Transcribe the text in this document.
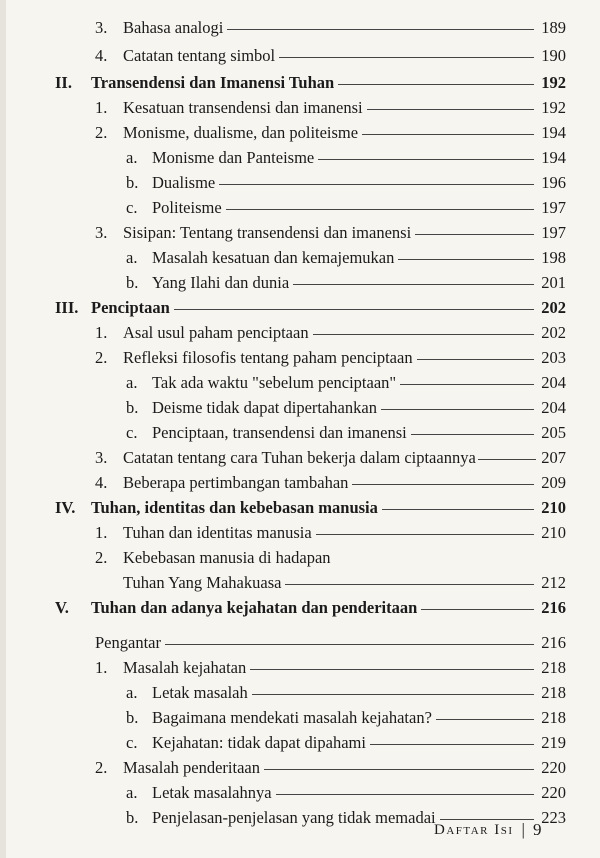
3. Bahasa analogi	189
4. Catatan tentang simbol	190
II.	Transendensi dan Imanensi Tuhan	192
1. Kesatuan transendensi dan imanensi	192
2. Monisme, dualisme, dan politeisme	194
a. Monisme dan Panteisme	194
b. Dualisme	196
c. Politeisme	197
3. Sisipan: Tentang transendensi dan imanensi	197
a. Masalah kesatuan dan kemajemukan	198
b. Yang Ilahi dan dunia	201
III. Penciptaan	202
1. Asal usul paham penciptaan	202
2. Refleksi filosofis tentang paham penciptaan	203
a. Tak ada waktu "sebelum penciptaan"	204
b. Deisme tidak dapat dipertahankan	204
c. Penciptaan, transendensi dan imanensi	205
3. Catatan tentang cara Tuhan bekerja dalam ciptaannya	207
4. Beberapa pertimbangan tambahan	209
IV. Tuhan, identitas dan kebebasan manusia	210
1. Tuhan dan identitas manusia	210
2. Kebebasan manusia di hadapan
Tuhan Yang Mahakuasa	212
V.	Tuhan dan adanya kejahatan dan penderitaan	216
Pengantar	216
1. Masalah kejahatan	218
a. Letak masalah	218
b. Bagaimana mendekati masalah kejahatan?	218
c. Kejahatan: tidak dapat dipahami	219
2. Masalah penderitaan	220
a. Letak masalahnya	220
b. Penjelasan-penjelasan yang tidak memadai	223
Daftar Isi | 9
